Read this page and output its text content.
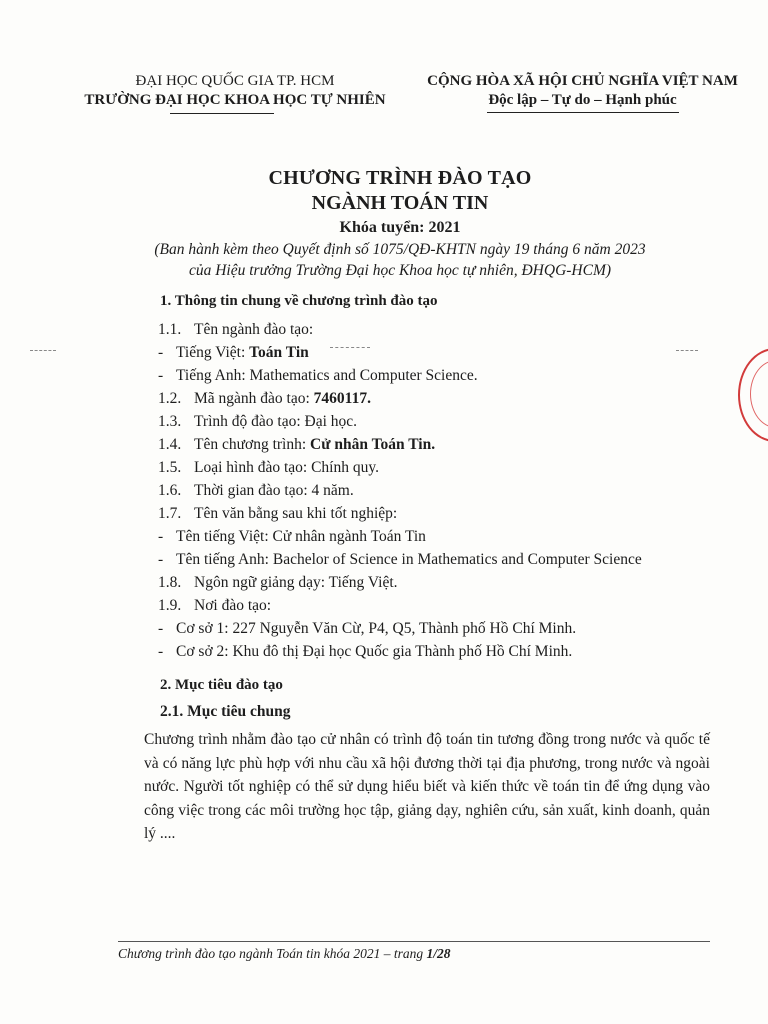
ĐẠI HỌC QUỐC GIA TP. HCM
TRƯỜNG ĐẠI HỌC KHOA HỌC TỰ NHIÊN
CỘNG HÒA XÃ HỘI CHỦ NGHĨA VIỆT NAM
Độc lập – Tự do – Hạnh phúc
CHƯƠNG TRÌNH ĐÀO TẠO
NGÀNH TOÁN TIN
Khóa tuyển: 2021
(Ban hành kèm theo Quyết định số 1075/QĐ-KHTN ngày 19 tháng 6 năm 2023
của Hiệu trưởng Trường Đại học Khoa học tự nhiên, ĐHQG-HCM)
1. Thông tin chung về chương trình đào tạo
1.1. Tên ngành đào tạo:
- Tiếng Việt: Toán Tin
- Tiếng Anh: Mathematics and Computer Science.
1.2. Mã ngành đào tạo: 7460117.
1.3. Trình độ đào tạo: Đại học.
1.4. Tên chương trình: Cử nhân Toán Tin.
1.5. Loại hình đào tạo: Chính quy.
1.6. Thời gian đào tạo: 4 năm.
1.7. Tên văn bằng sau khi tốt nghiệp:
- Tên tiếng Việt: Cử nhân ngành Toán Tin
- Tên tiếng Anh: Bachelor of Science in Mathematics and Computer Science
1.8. Ngôn ngữ giảng dạy: Tiếng Việt.
1.9. Nơi đào tạo:
- Cơ sở 1: 227 Nguyễn Văn Cừ, P4, Q5, Thành phố Hồ Chí Minh.
- Cơ sở 2: Khu đô thị Đại học Quốc gia Thành phố Hồ Chí Minh.
2. Mục tiêu đào tạo
2.1. Mục tiêu chung
Chương trình nhằm đào tạo cử nhân có trình độ toán tin tương đồng trong nước và quốc tế và có năng lực phù hợp với nhu cầu xã hội đương thời tại địa phương, trong nước và ngoài nước. Người tốt nghiệp có thể sử dụng hiểu biết và kiến thức về toán tin để ứng dụng vào công việc trong các môi trường học tập, giảng dạy, nghiên cứu, sản xuất, kinh doanh, quản lý ....
Chương trình đào tạo ngành Toán tin khóa 2021 – trang 1/28
